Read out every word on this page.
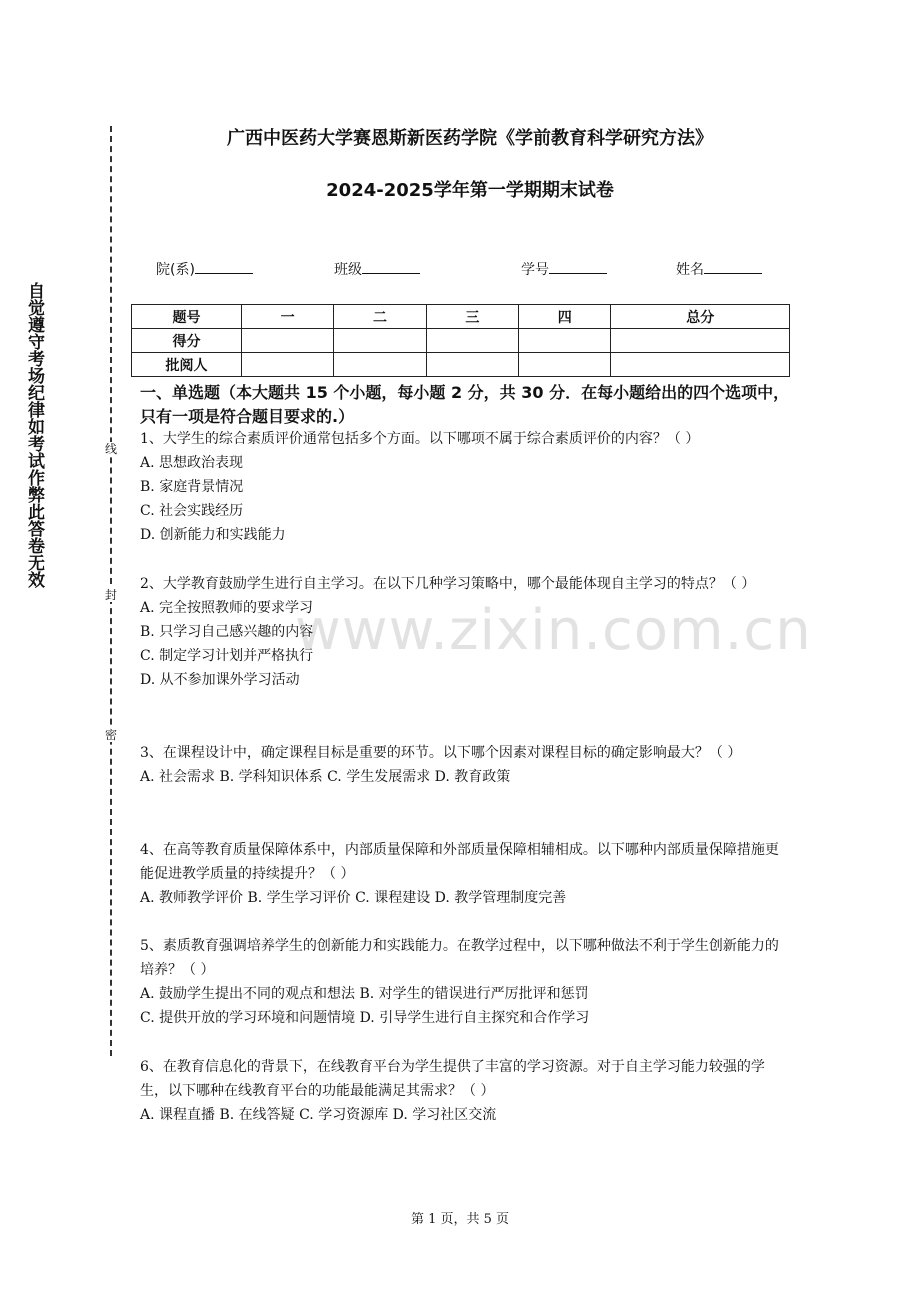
自觉遵守考场纪律如考试作弊此答卷无效	线
封
密
广西中医药大学赛恩斯新医药学院《学前教育科学研究方法》
2024-2025学年第一学期期末试卷
院(系)	班级	学号	姓名
题号	一	二	三	四	总分
得分					
批阅人					
一、单选题（本大题共 15 个小题，每小题 2 分，共 30 分．在每小题给出的四个选项中，只有一项是符合题目要求的.）
1、大学生的综合素质评价通常包括多个方面。以下哪项不属于综合素质评价的内容？（ ）
A. 思想政治表现
B. 家庭背景情况
C. 社会实践经历
D. 创新能力和实践能力
2、大学教育鼓励学生进行自主学习。在以下几种学习策略中，哪个最能体现自主学习的特点？（ ）
A. 完全按照教师的要求学习
B. 只学习自己感兴趣的内容
C. 制定学习计划并严格执行
D. 从不参加课外学习活动
3、在课程设计中，确定课程目标是重要的环节。以下哪个因素对课程目标的确定影响最大？（ ）
A. 社会需求 B. 学科知识体系 C. 学生发展需求 D. 教育政策
4、在高等教育质量保障体系中，内部质量保障和外部质量保障相辅相成。以下哪种内部质量保障措施更能促进教学质量的持续提升？（ ）
A. 教师教学评价 B. 学生学习评价 C. 课程建设 D. 教学管理制度完善
5、素质教育强调培养学生的创新能力和实践能力。在教学过程中，以下哪种做法不利于学生创新能力的培养？（ ）
A. 鼓励学生提出不同的观点和想法 B. 对学生的错误进行严厉批评和惩罚
C. 提供开放的学习环境和问题情境 D. 引导学生进行自主探究和合作学习
6、在教育信息化的背景下，在线教育平台为学生提供了丰富的学习资源。对于自主学习能力较强的学生，以下哪种在线教育平台的功能最能满足其需求？（ ）
A. 课程直播 B. 在线答疑 C. 学习资源库 D. 学习社区交流
www.zixin.com.cn
第 1 页，共 5 页
